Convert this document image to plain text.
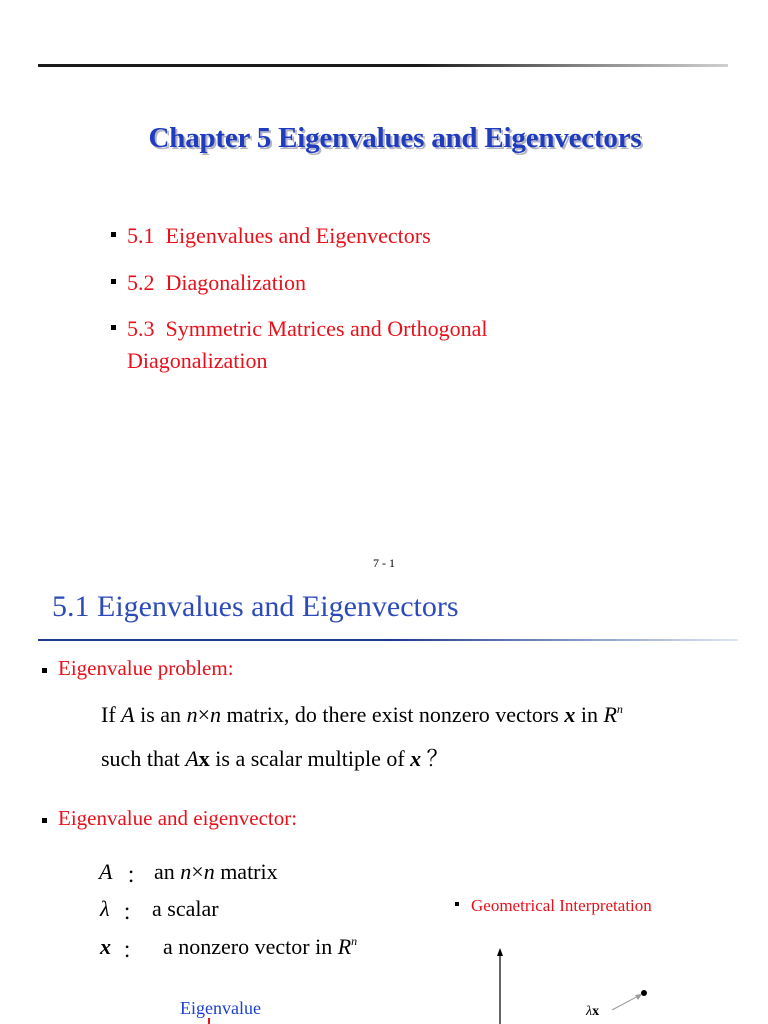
Chapter 5 Eigenvalues and Eigenvectors
5.1 Eigenvalues and Eigenvectors
5.2 Diagonalization
5.3 Symmetric Matrices and Orthogonal
Diagonalization
7 - 1
5.1 Eigenvalues and Eigenvectors
Eigenvalue problem:
If A is an n×n matrix, do there exist nonzero vectors x in $R^n$
such that Ax is a scalar multiple of x ？
Eigenvalue and eigenvector:
A ： an n×n matrix
λ ： a scalar
x ： a nonzero vector in $R^n$
Geometrical Interpretation
λx
Eigenvalue
